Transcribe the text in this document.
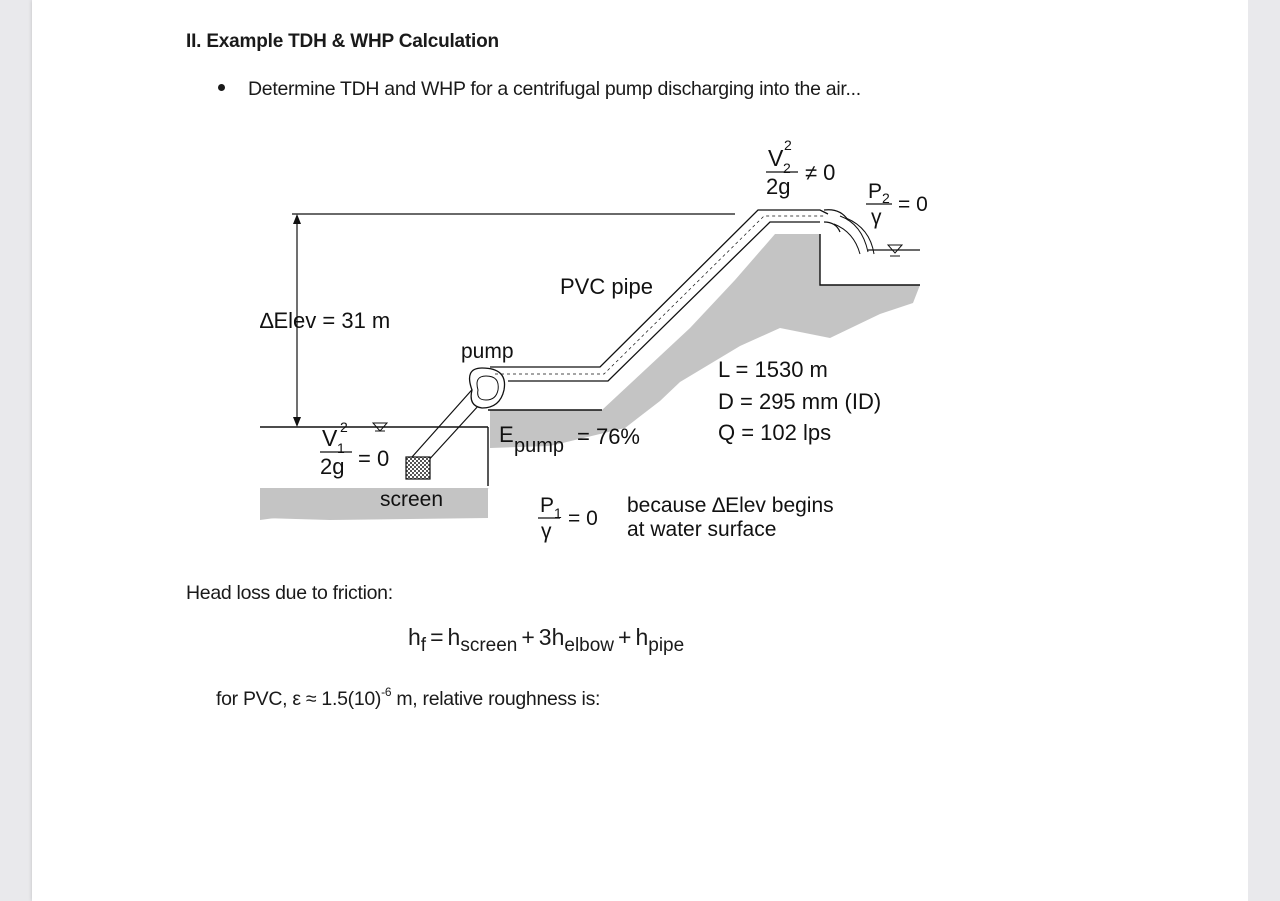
II. Example TDH & WHP Calculation
Determine TDH and WHP for a centrifugal pump discharging into the air...
V 2
2
2g
≠ 0
P 2
γ
= 0
∆Elev = 31 m
PVC pipe
pump
L = 1530 m
D = 295 mm (ID)
Q = 102 lps
E pump = 76%
V 1
2
2g = 0
screen	P 1
γ
= 0
because ∆Elev begins
at water surface
Head loss due to friction:
$h_f = h_{screen} + 3h_{elbow} + h_{pipe}$
for PVC, $\varepsilon \approx 1.5(10)^{-6}$ m, relative roughness is:
